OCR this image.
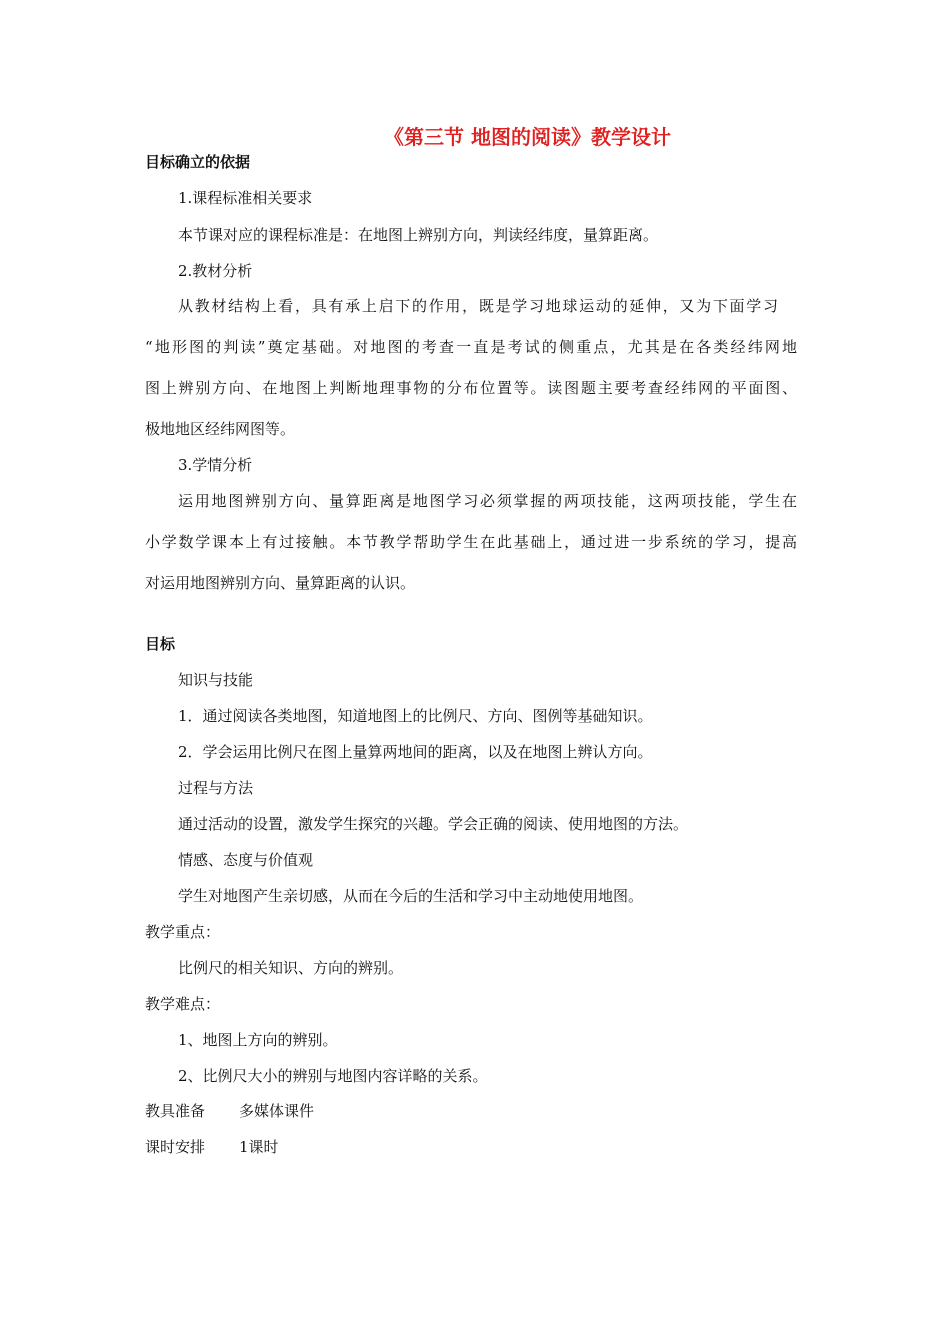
《第三节 地图的阅读》教学设计
目标确立的依据
1.课程标准相关要求
本节课对应的课程标准是：在地图上辨别方向，判读经纬度，量算距离。
2.教材分析
从教材结构上看，具有承上启下的作用，既是学习地球运动的延伸，又为下面学习
“地形图的判读”奠定基础。对地图的考查一直是考试的侧重点，尤其是在各类经纬网地
图上辨别方向、在地图上判断地理事物的分布位置等。读图题主要考查经纬网的平面图、
极地地区经纬网图等。
3.学情分析
运用地图辨别方向、量算距离是地图学习必须掌握的两项技能，这两项技能，学生在
小学数学课本上有过接触。本节教学帮助学生在此基础上，通过进一步系统的学习，提高
对运用地图辨别方向、量算距离的认识。
目标
知识与技能
1．通过阅读各类地图，知道地图上的比例尺、方向、图例等基础知识。
2．学会运用比例尺在图上量算两地间的距离，以及在地图上辨认方向。
过程与方法
通过活动的设置，激发学生探究的兴趣。学会正确的阅读、使用地图的方法。
情感、态度与价值观
学生对地图产生亲切感，从而在今后的生活和学习中主动地使用地图。
教学重点：
比例尺的相关知识、方向的辨别。
教学难点：
1、地图上方向的辨别。
2、比例尺大小的辨别与地图内容详略的关系。
教具准备 多媒体课件
课时安排 1课时
